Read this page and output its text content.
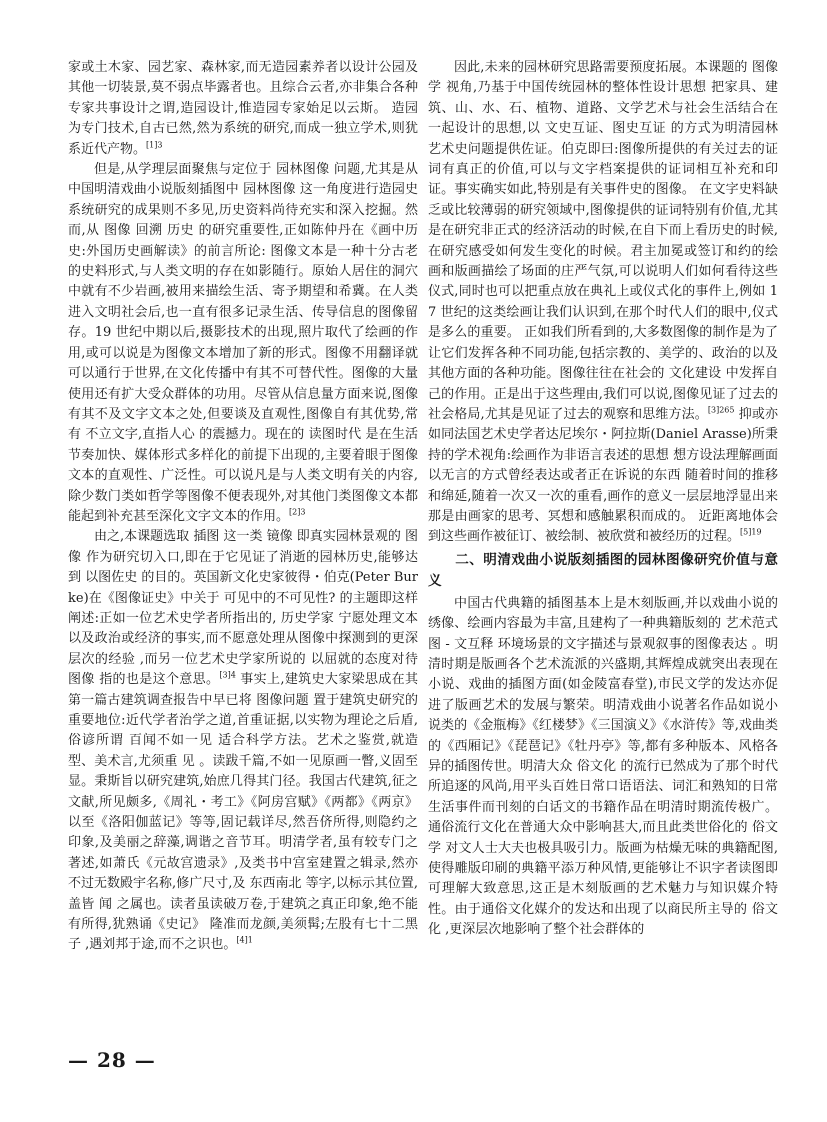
家或土木家、园艺家、森林家,而无造园素养者以设计公园及其他一切装景,莫不弱点毕露者也。且综合云者,亦非集合各种专家共事设计之谓,造园设计,惟造园专家始足以云斯。 造园为专门技术,自古已然,然为系统的研究,而成一独立学术,则犹系近代产物。$^{[1]3}$

但是,从学理层面聚焦与定位于 园林图像 问题,尤其是从中国明清戏曲小说版刻插图中 园林图像 这一角度进行造园史系统研究的成果则不多见,历史资料尚待充实和深入挖掘。然而,从 图像 回溯 历史 的研究重要性,正如陈仲丹在《画中历史:外国历史画解读》的前言所论: 图像文本是一种十分古老的史料形式,与人类文明的存在如影随行。原始人居住的洞穴中就有不少岩画,被用来描绘生活、寄予期望和希冀。在人类进入文明社会后,也一直有很多记录生活、传导信息的图像留存。19 世纪中期以后,摄影技术的出现,照片取代了绘画的作用,或可以说是为图像文本增加了新的形式。图像不用翻译就可以通行于世界,在文化传播中有其不可替代性。图像的大量使用还有扩大受众群体的功用。尽管从信息量方面来说,图像有其不及文字文本之处,但要谈及直观性,图像自有其优势,常有 不立文字,直指人心 的震撼力。现在的 读图时代 是在生活节奏加快、媒体形式多样化的前提下出现的,主要着眼于图像文本的直观性、广泛性。可以说凡是与人类文明有关的内容,除少数门类如哲学等图像不便表现外,对其他门类图像文本都能起到补充甚至深化文字文本的作用。$^{[2]3}$

由之,本课题选取 插图 这一类 镜像 即真实园林景观的 图像 作为研究切入口,即在于它见证了消逝的园林历史,能够达到 以图佐史 的目的。英国新文化史家彼得・伯克(Peter Burke)在《图像证史》中关于 可见中的不可见性? 的主题即这样阐述:正如一位艺术史学者所指出的, 历史学家 宁愿处理文本以及政治或经济的事实,而不愿意处理从图像中探测到的更深层次的经验 ,而另一位艺术史学家所说的 以屈就的态度对待图像 指的也是这个意思。$^{[3]4}$ 事实上,建筑史大家梁思成在其第一篇古建筑调查报告中早已将 图像问题 置于建筑史研究的重要地位:近代学者治学之道,首重证据,以实物为理论之后盾,俗谚所谓 百闻不如一见 适合科学方法。艺术之鉴赏,就造型、美术言,尤须重 见 。读跋千篇,不如一见原画一瞥,义固至显。秉斯旨以研究建筑,始庶几得其门径。我国古代建筑,征之文献,所见颇多,《周礼・考工》《阿房宫赋》《两都》《两京》以至《洛阳伽蓝记》等等,固记载详尽,然吾侪所得,则隐约之印象,及美丽之辞藻,调谐之音节耳。明清学者,虽有较专门之著述,如萧氏《元故宫遗录》,及类书中宫室建置之辑录,然亦不过无数殿宇名称,修广尺寸,及 东西南北 等字,以标示其位置,盖皆 闻 之属也。读者虽读破万卷,于建筑之真正印象,绝不能有所得,犹熟诵《史记》 隆准而龙颜,美须髯;左股有七十二黑子 ,遇刘邦于途,而不之识也。$^{[4]1}$

因此,未来的园林研究思路需要预度拓展。本课题的 图像学 视角,乃基于中国传统园林的整体性设计思想 把家具、建筑、山、水、石、植物、道路、文学艺术与社会生活结合在一起设计的思想,以 文史互证、图史互证 的方式为明清园林艺术史问题提供佐证。伯克即曰:图像所提供的有关过去的证词有真正的价值,可以与文字档案提供的证词相互补充和印证。事实确实如此,特别是有关事件史的图像。 在文字史料缺乏或比较薄弱的研究领域中,图像提供的证词特别有价值,尤其是在研究非正式的经济活动的时候,在自下而上看历史的时候,在研究感受如何发生变化的时候。君主加冕或签订和约的绘画和版画描绘了场面的庄严气氛,可以说明人们如何看待这些仪式,同时也可以把重点放在典礼上或仪式化的事件上,例如 17 世纪的这类绘画让我们认识到,在那个时代人们的眼中,仪式是多么的重要。 正如我们所看到的,大多数图像的制作是为了让它们发挥各种不同功能,包括宗教的、美学的、政治的以及其他方面的各种功能。图像往往在社会的 文化建设 中发挥自己的作用。正是出于这些理由,我们可以说,图像见证了过去的社会格局,尤其是见证了过去的观察和思维方法。$^{[3]265}$ 抑或亦如同法国艺术史学者达尼埃尔・阿拉斯(Daniel Arasse)所秉持的学术视角:绘画作为非语言表述的思想 想方设法理解画面以无言的方式曾经表达或者正在诉说的东西 随着时间的推移和绵延,随着一次又一次的重看,画作的意义一层层地浮显出来 那是由画家的思考、冥想和感触累积而成的。 近距离地体会到这些画作被征订、被绘制、被欣赏和被经历的过程。$^{[5]19}$

二、明清戏曲小说版刻插图的园林图像研究价值与意义

中国古代典籍的插图基本上是木刻版画,并以戏曲小说的绣像、绘画内容最为丰富,且建构了一种典籍版刻的 艺术范式 图 - 文互释 环境场景的文字描述与景观叙事的图像表达 。明清时期是版画各个艺术流派的兴盛期,其辉煌成就突出表现在小说、戏曲的插图方面(如金陵富春堂),市民文学的发达亦促进了版画艺术的发展与繁荣。明清戏曲小说著名作品如说小说类的《金瓶梅》《红楼梦》《三国演义》《水浒传》等,戏曲类的《西厢记》《琵琶记》《牡丹亭》等,都有多种版本、风格各异的插图传世。明清大众 俗文化 的流行已然成为了那个时代所追逐的风尚,用平头百姓日常口语语法、词汇和熟知的日常生活事件而刊刻的白话文的书籍作品在明清时期流传极广。通俗流行文化在普通大众中影响甚大,而且此类世俗化的 俗文学 对文人士大夫也极具吸引力。版画为枯燥无味的典籍配图,使得雕版印刷的典籍平添万种风情,更能够让不识字者读图即可理解大致意思,这正是木刻版画的艺术魅力与知识媒介特性。由于通俗文化媒介的发达和出现了以商民所主导的 俗文化 ,更深层次地影响了整个社会群体的

— 28 —
